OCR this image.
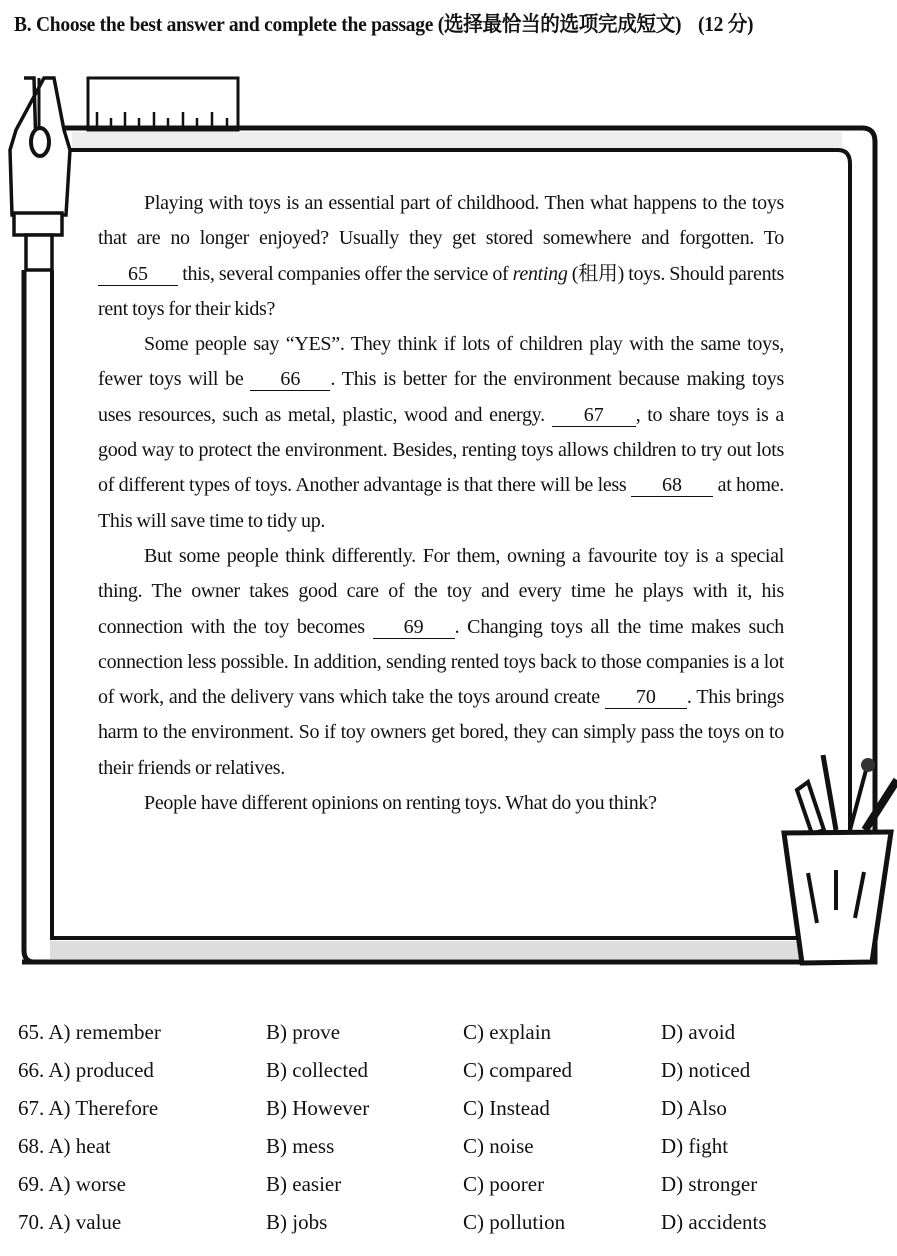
B. Choose the best answer and complete the passage (选择最恰当的选项完成短文) (12 分)

Playing with toys is an essential part of childhood. Then what happens to the toys that are no longer enjoyed? Usually they get stored somewhere and forgotten. To 65 this, several companies offer the service of renting (租用) toys. Should parents rent toys for their kids?

Some people say “YES”. They think if lots of children play with the same toys, fewer toys will be 66 . This is better for the environment because making toys uses resources, such as metal, plastic, wood and energy. 67 , to share toys is a good way to protect the environment. Besides, renting toys allows children to try out lots of different types of toys. Another advantage is that there will be less 68 at home. This will save time to tidy up.

But some people think differently. For them, owning a favourite toy is a special thing. The owner takes good care of the toy and every time he plays with it, his connection with the toy becomes 69 . Changing toys all the time makes such connection less possible. In addition, sending rented toys back to those companies is a lot of work, and the delivery vans which take the toys around create 70 . This brings harm to the environment. So if toy owners get bored, they can simply pass the toys on to their friends or relatives.

People have different opinions on renting toys. What do you think?

65. A) remember	B) prove	C) explain	D) avoid
66. A) produced	B) collected	C) compared	D) noticed
67. A) Therefore	B) However	C) Instead	D) Also
68. A) heat	B) mess	C) noise	D) fight
69. A) worse	B) easier	C) poorer	D) stronger
70. A) value	B) jobs	C) pollution	D) accidents
